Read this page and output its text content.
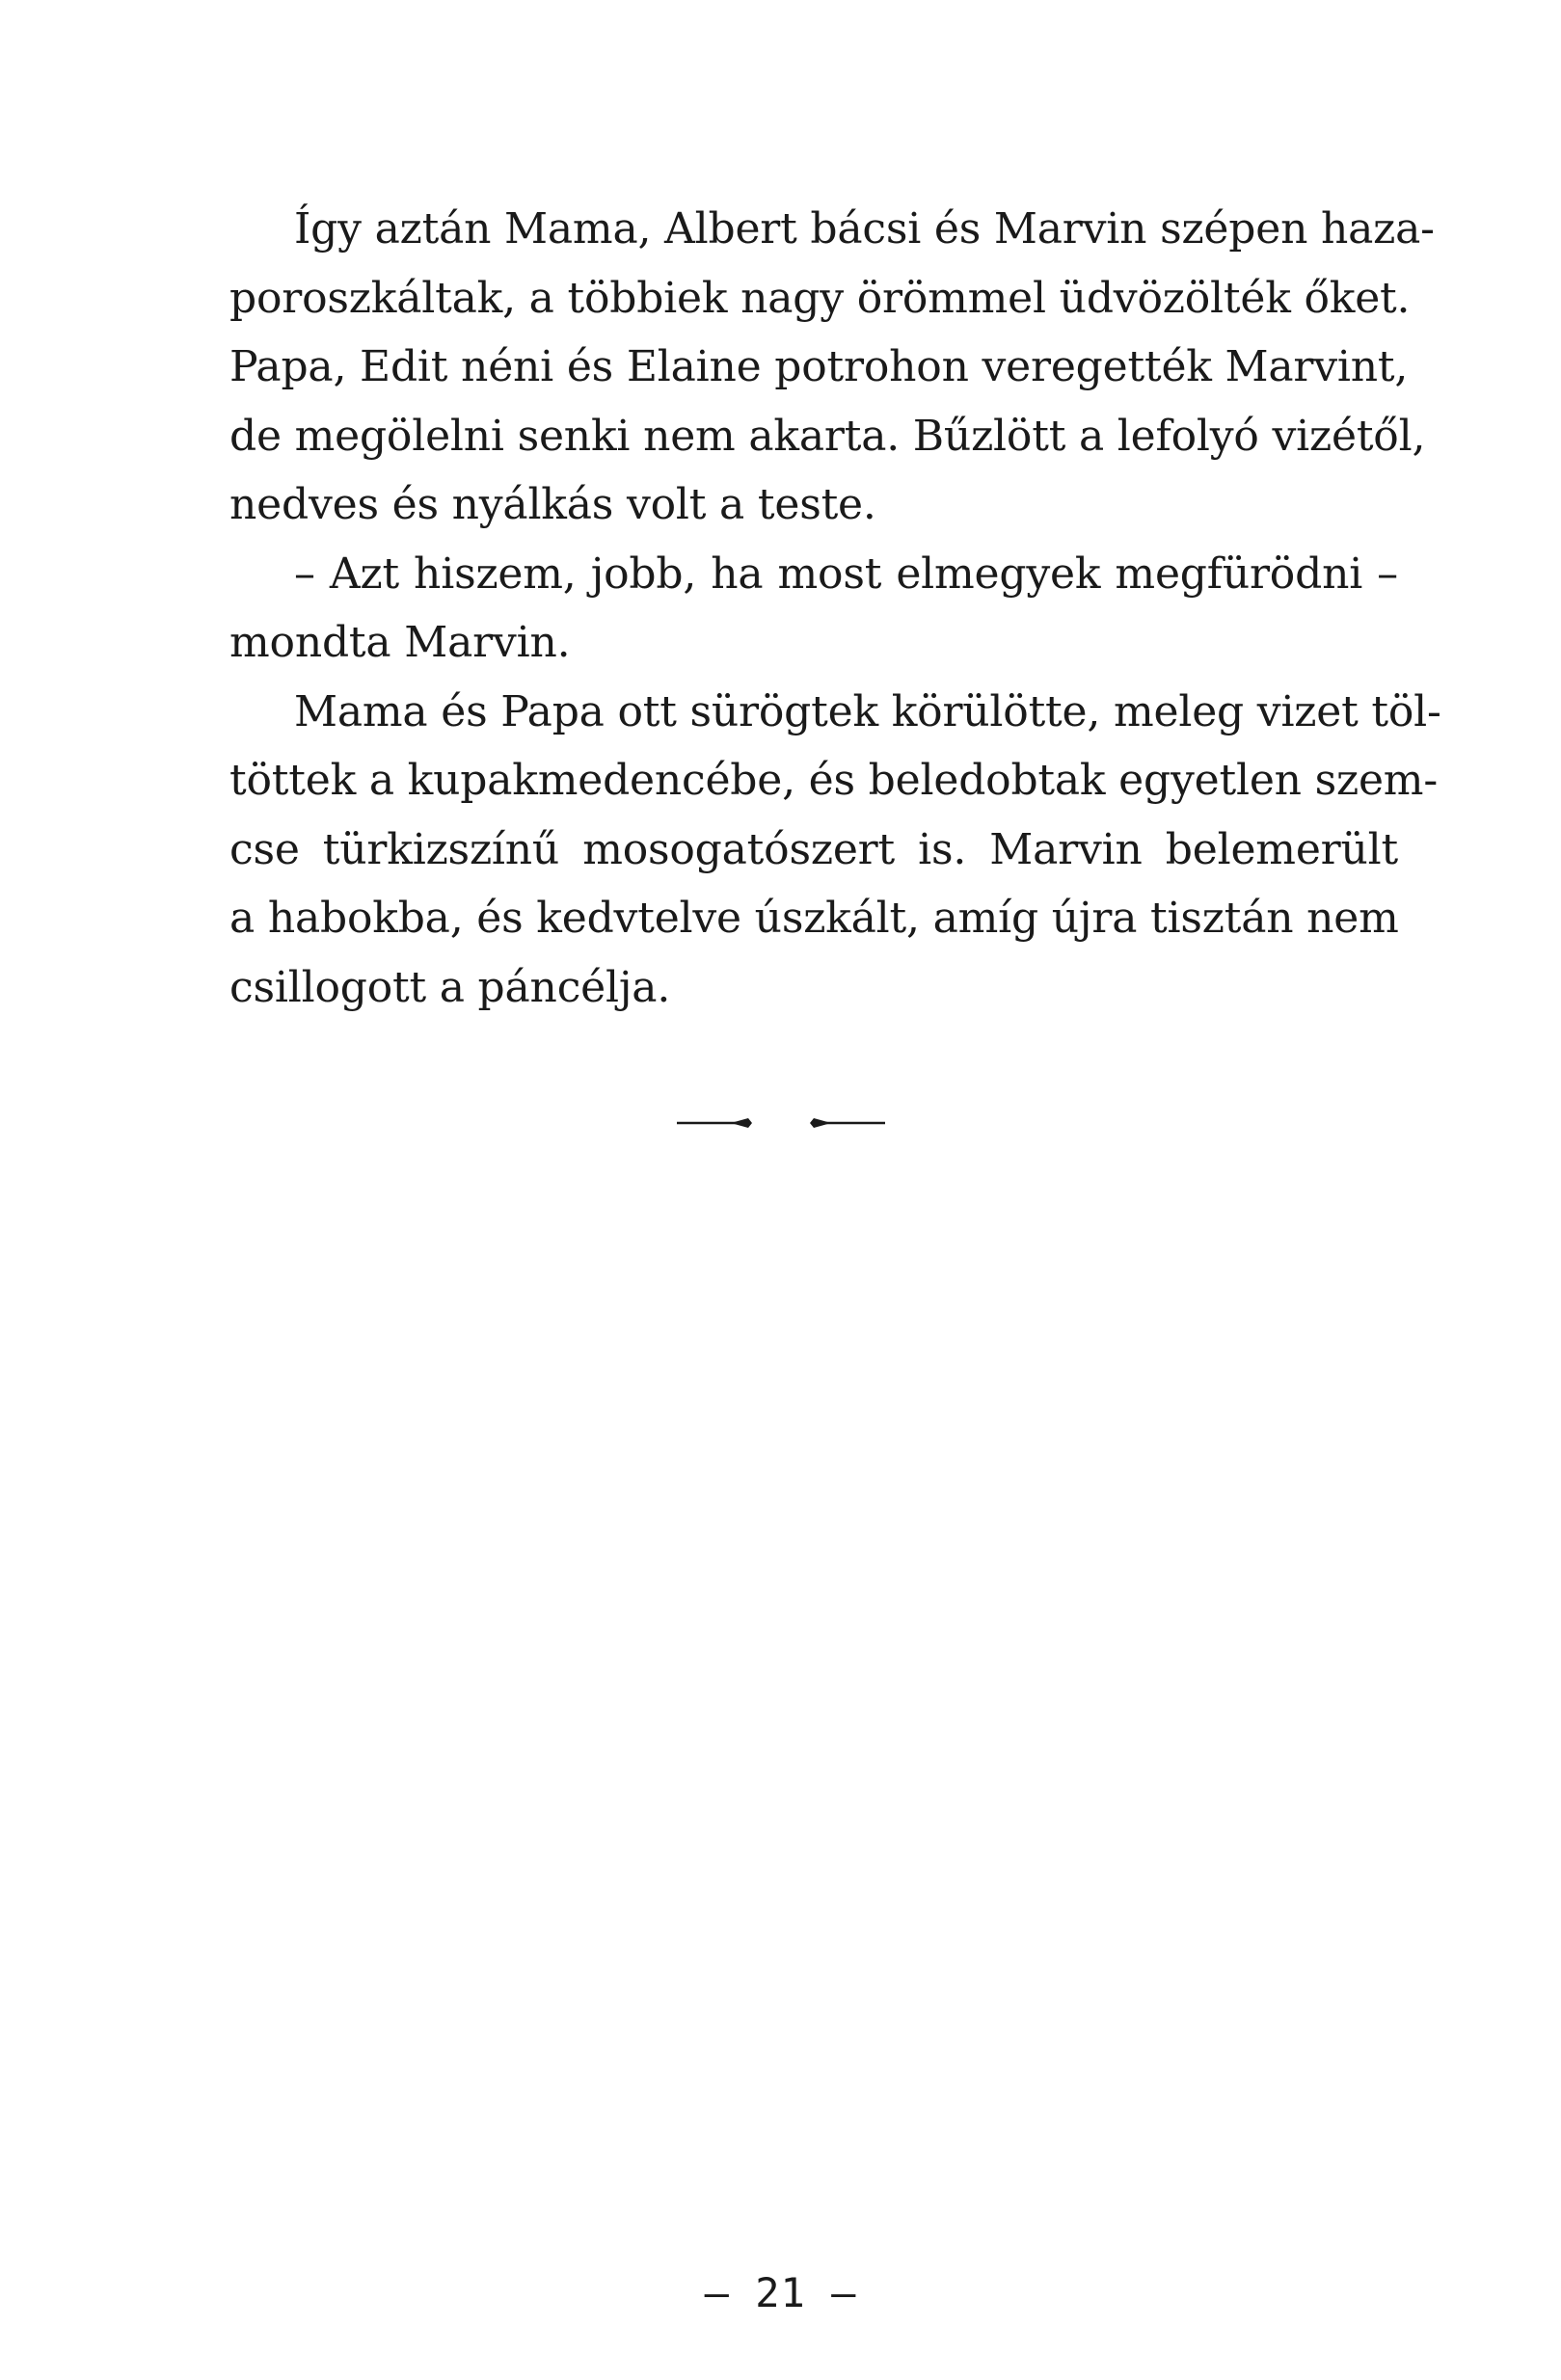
Így aztán Mama, Albert bácsi és Marvin szépen haza-
poroszkáltak, a többiek nagy örömmel üdvözölték őket.
Papa, Edit néni és Elaine potrohon veregették Marvint,
de megölelni senki nem akarta. Bűzlött a lefolyó vizétől,
nedves és nyálkás volt a teste.
– Azt hiszem, jobb, ha most elmegyek megfürödni –
mondta Marvin.
Mama és Papa ott sürögtek körülötte, meleg vizet töl-
töttek a kupakmedencébe, és beledobtak egyetlen szem-
cse türkizszínű mosogatószert is. Marvin belemerült
a habokba, és kedvtelve úszkált, amíg újra tisztán nem
csillogott a páncélja.
– 21 –
